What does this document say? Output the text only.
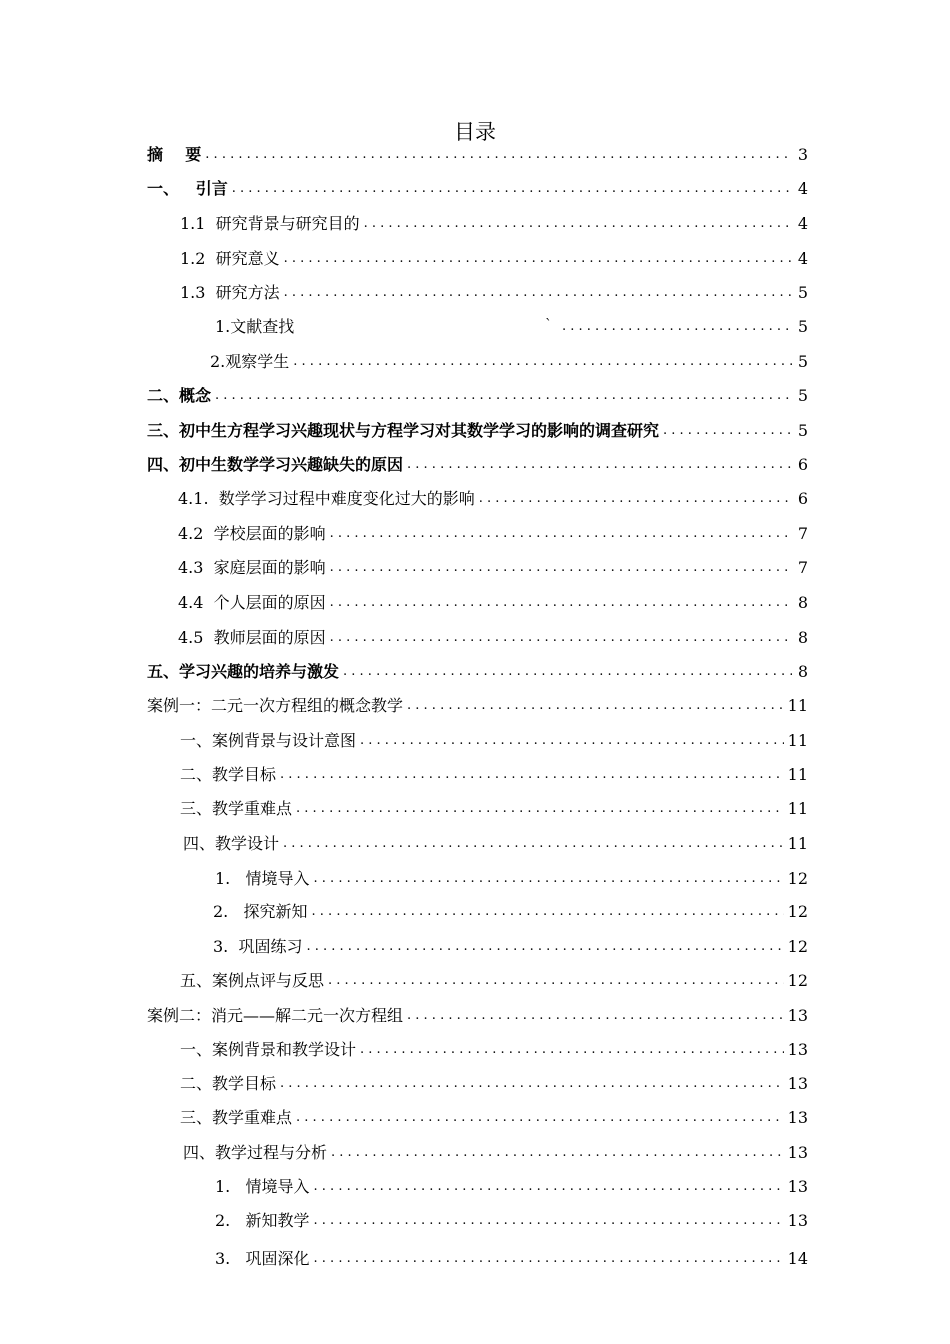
目录
摘    要 . . .	3
一、   引言 . . .	4
1.1  研究背景与研究目的 . . .	4
1.2  研究意义 . . .	4
1.3  研究方法 . . .	5
1.文献查找	` . . .	5
2.观察学生 . . .	5
二、概念 . . .	5
三、初中生方程学习兴趣现状与方程学习对其数学学习的影响的调查研究 . . .	5
四、初中生数学学习兴趣缺失的原因 . . .	6
4.1.  数学学习过程中难度变化过大的影响 . . .	6
4.2  学校层面的影响 . . .	7
4.3  家庭层面的影响 . . .	7
4.4  个人层面的原因 . . .	8
4.5  教师层面的原因 . . .	8
五、学习兴趣的培养与激发 . . .	8
案例一：二元一次方程组的概念教学 . . .	11
一、案例背景与设计意图 . . .	11
二、教学目标 . . .	11
三、教学重难点 . . .	11
四、教学设计 . . .	11
1.   情境导入 . . .	12
2.   探究新知 . . .	12
3.  巩固练习 . . .	12
五、案例点评与反思 . . .	12
案例二：消元——解二元一次方程组 . . .	13
一、案例背景和教学设计 . . .	13
二、教学目标 . . .	13
三、教学重难点 . . .	13
四、教学过程与分析 . . .	13
1.   情境导入 . . .	13
2.   新知教学 . . .	13
3.   巩固深化 . . .	14
